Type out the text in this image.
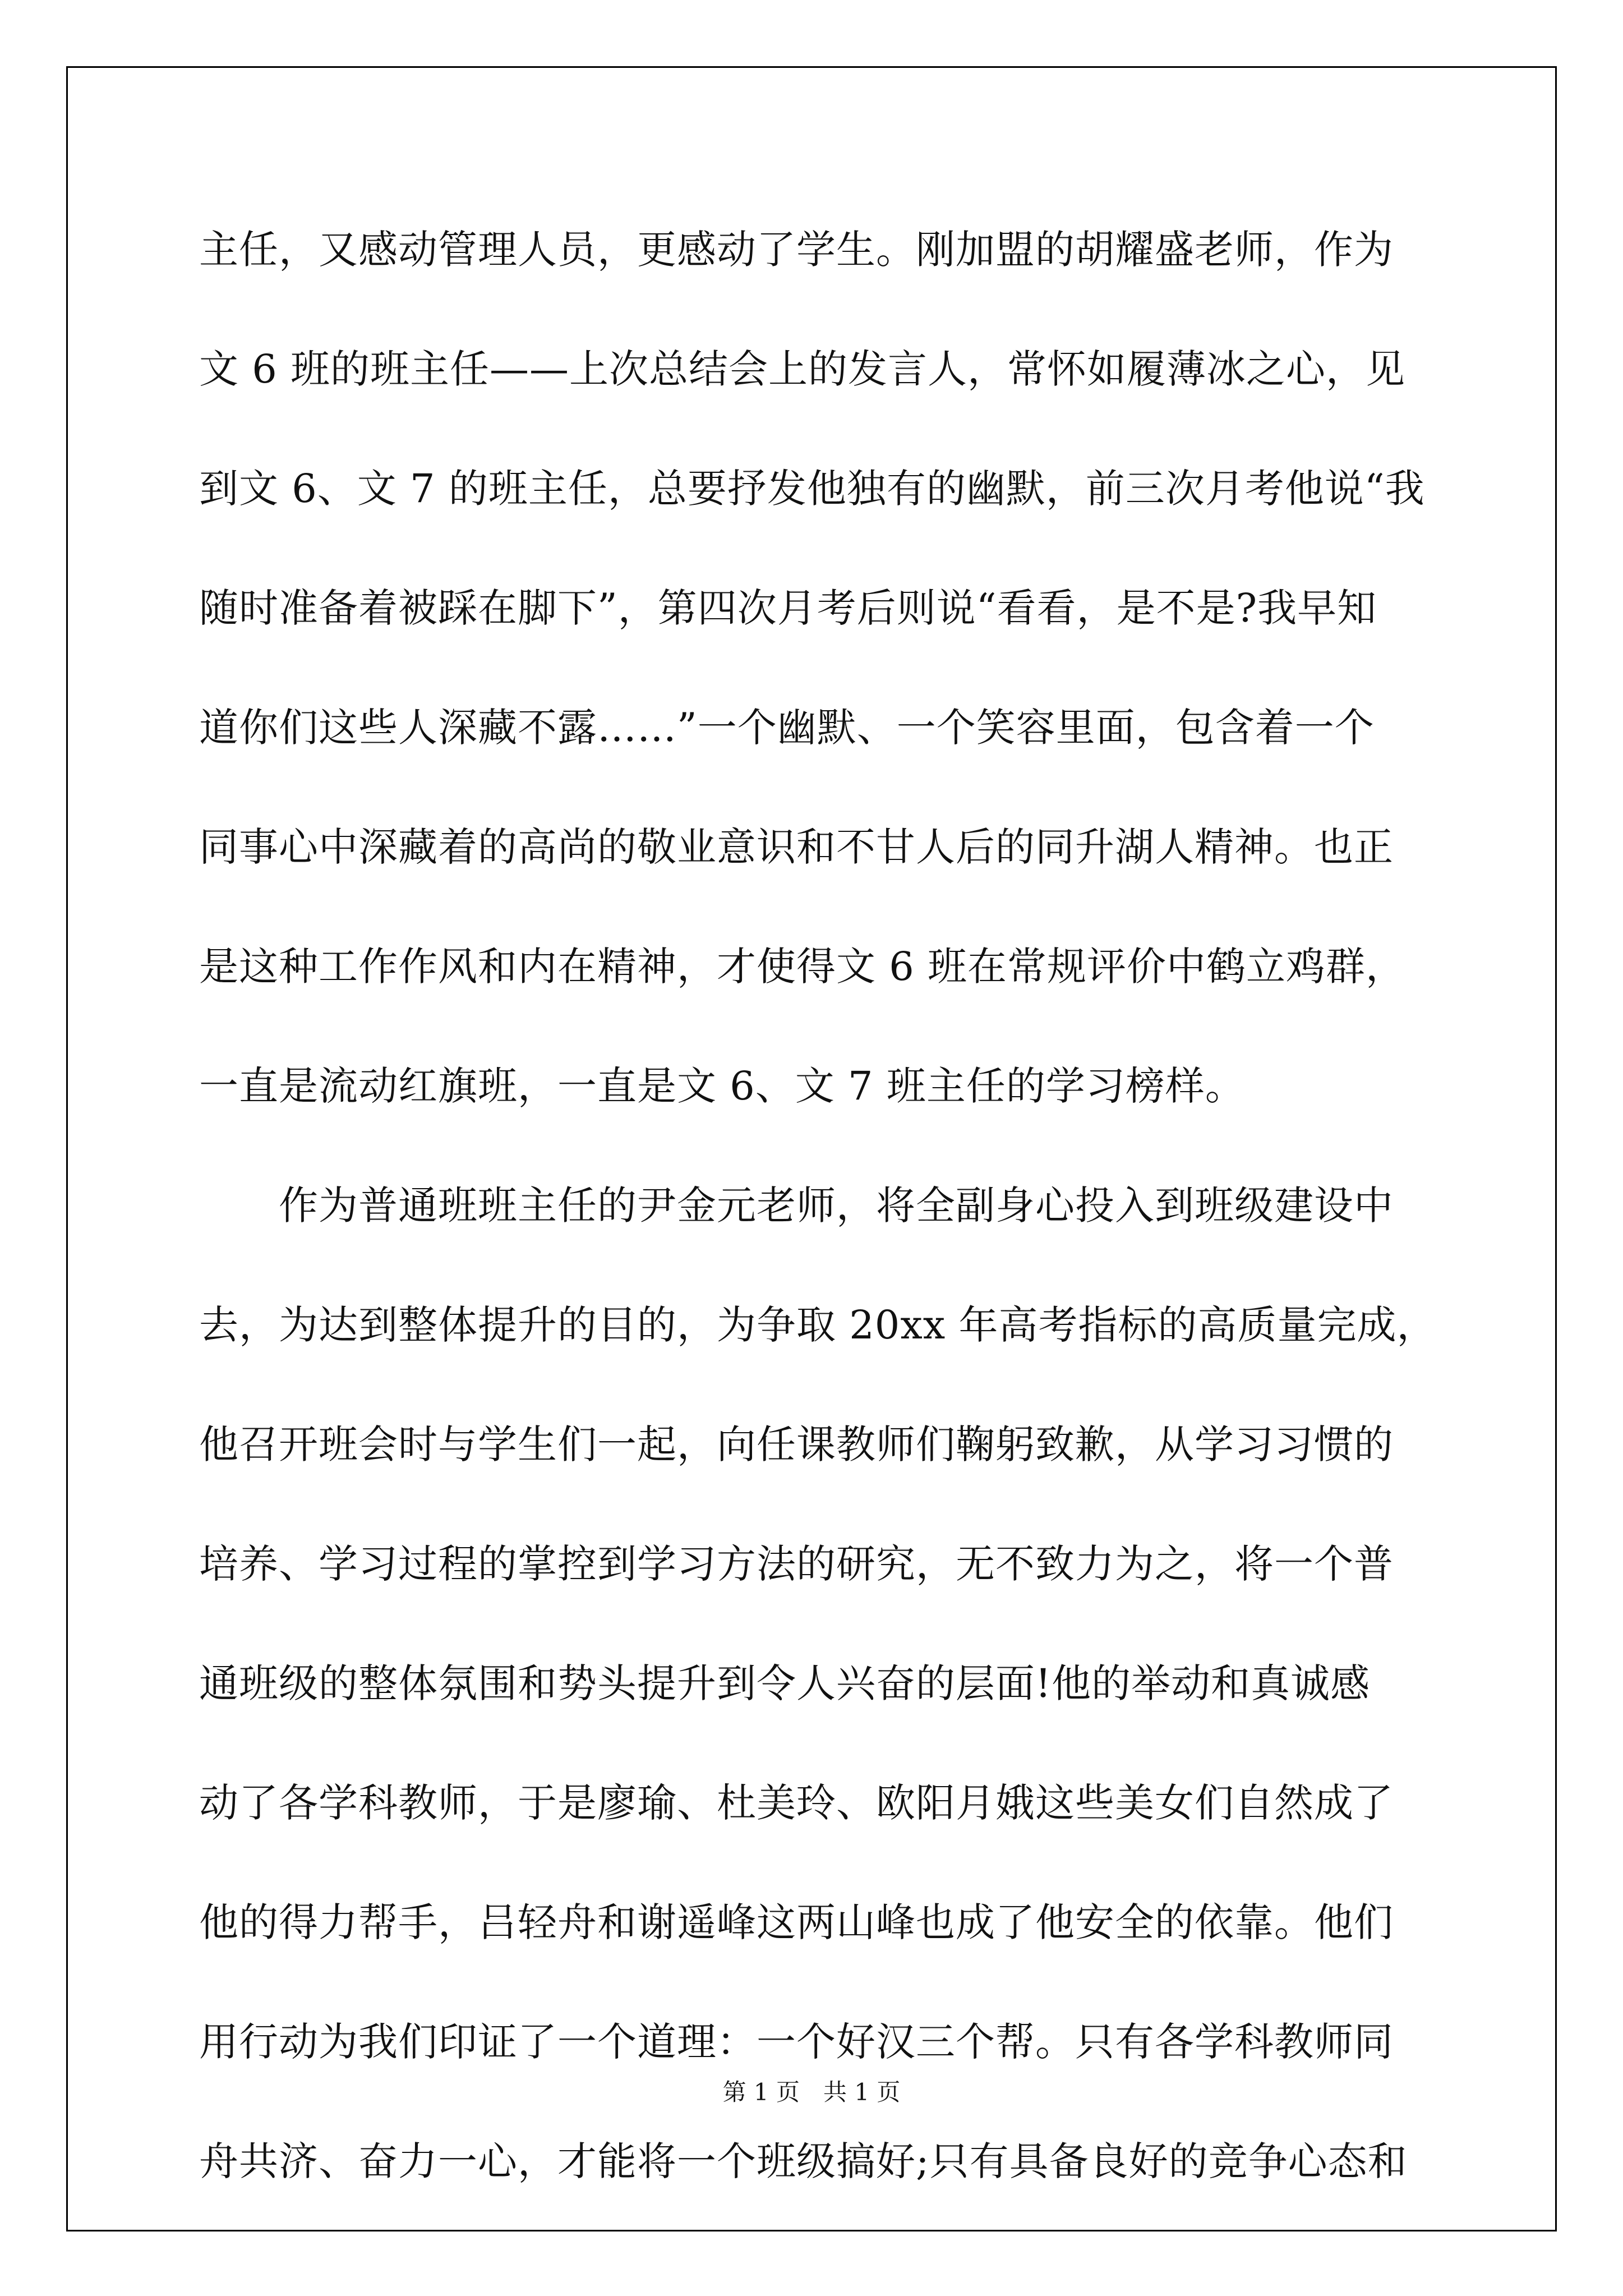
主任，又感动管理人员，更感动了学生。刚加盟的胡耀盛老师，作为
文 6 班的班主任——上次总结会上的发言人，常怀如履薄冰之心，见
到文 6、文 7 的班主任，总要抒发他独有的幽默，前三次月考他说“我
随时准备着被踩在脚下”，第四次月考后则说“看看，是不是?我早知
道你们这些人深藏不露……”一个幽默、一个笑容里面，包含着一个
同事心中深藏着的高尚的敬业意识和不甘人后的同升湖人精神。也正
是这种工作作风和内在精神，才使得文 6 班在常规评价中鹤立鸡群，
一直是流动红旗班，一直是文 6、文 7 班主任的学习榜样。
作为普通班班主任的尹金元老师，将全副身心投入到班级建设中
去，为达到整体提升的目的，为争取 20xx 年高考指标的高质量完成，
他召开班会时与学生们一起，向任课教师们鞠躬致歉，从学习习惯的
培养、学习过程的掌控到学习方法的研究，无不致力为之，将一个普
通班级的整体氛围和势头提升到令人兴奋的层面!他的举动和真诚感
动了各学科教师，于是廖瑜、杜美玲、欧阳月娥这些美女们自然成了
他的得力帮手，吕轻舟和谢遥峰这两山峰也成了他安全的依靠。他们
用行动为我们印证了一个道理：一个好汉三个帮。只有各学科教师同
舟共济、奋力一心，才能将一个班级搞好;只有具备良好的竞争心态和
第 1 页　共 1 页
